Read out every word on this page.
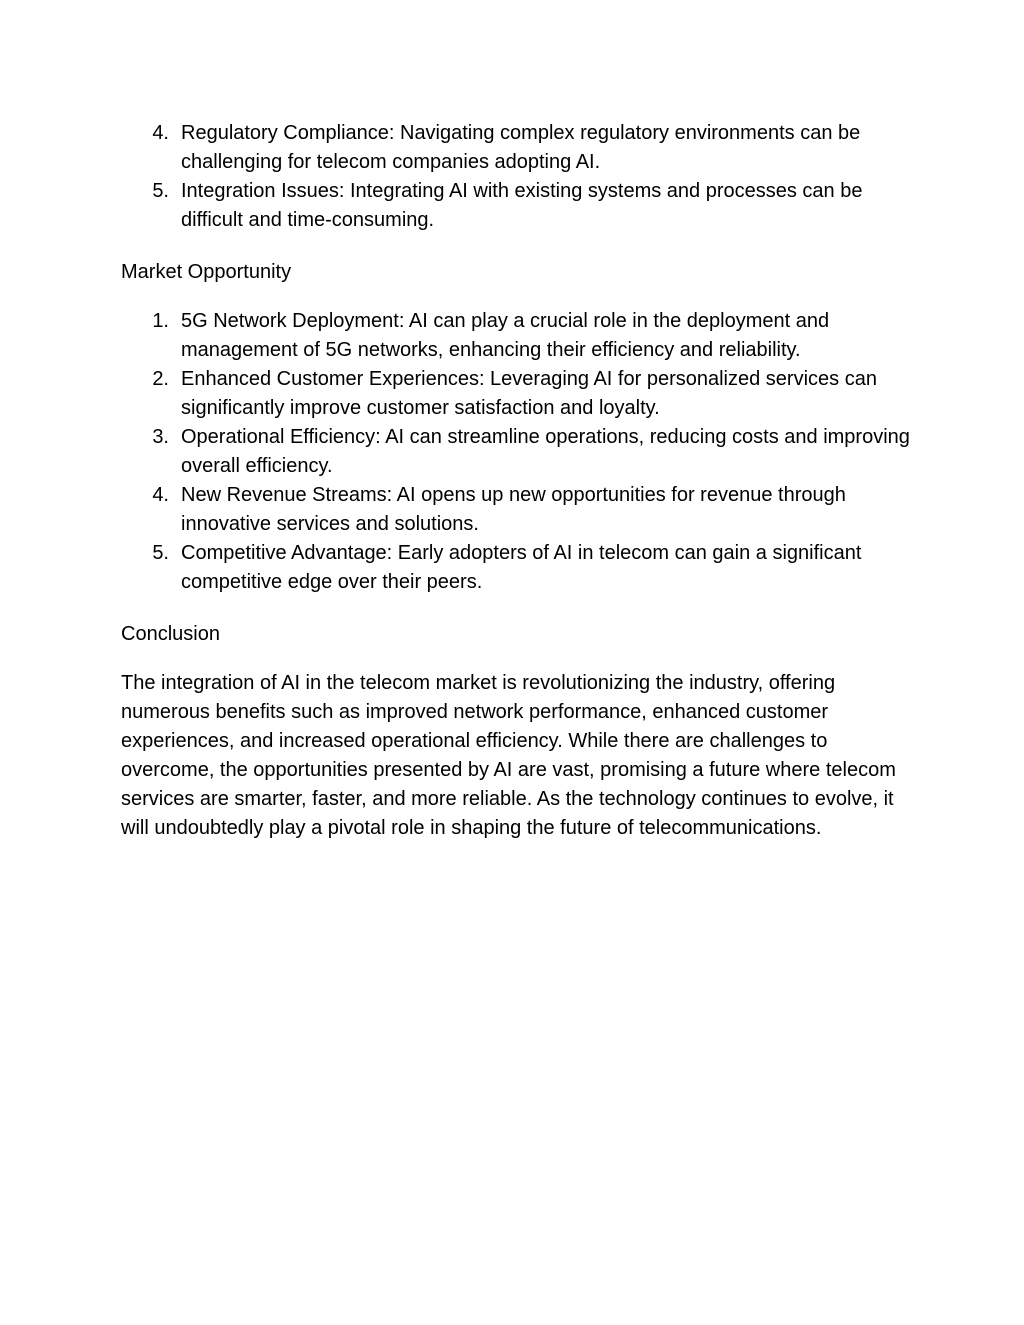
4. Regulatory Compliance: Navigating complex regulatory environments can be challenging for telecom companies adopting AI.
5. Integration Issues: Integrating AI with existing systems and processes can be difficult and time-consuming.
Market Opportunity
1. 5G Network Deployment: AI can play a crucial role in the deployment and management of 5G networks, enhancing their efficiency and reliability.
2. Enhanced Customer Experiences: Leveraging AI for personalized services can significantly improve customer satisfaction and loyalty.
3. Operational Efficiency: AI can streamline operations, reducing costs and improving overall efficiency.
4. New Revenue Streams: AI opens up new opportunities for revenue through innovative services and solutions.
5. Competitive Advantage: Early adopters of AI in telecom can gain a significant competitive edge over their peers.
Conclusion

The integration of AI in the telecom market is revolutionizing the industry, offering numerous benefits such as improved network performance, enhanced customer experiences, and increased operational efficiency. While there are challenges to overcome, the opportunities presented by AI are vast, promising a future where telecom services are smarter, faster, and more reliable. As the technology continues to evolve, it will undoubtedly play a pivotal role in shaping the future of telecommunications.
